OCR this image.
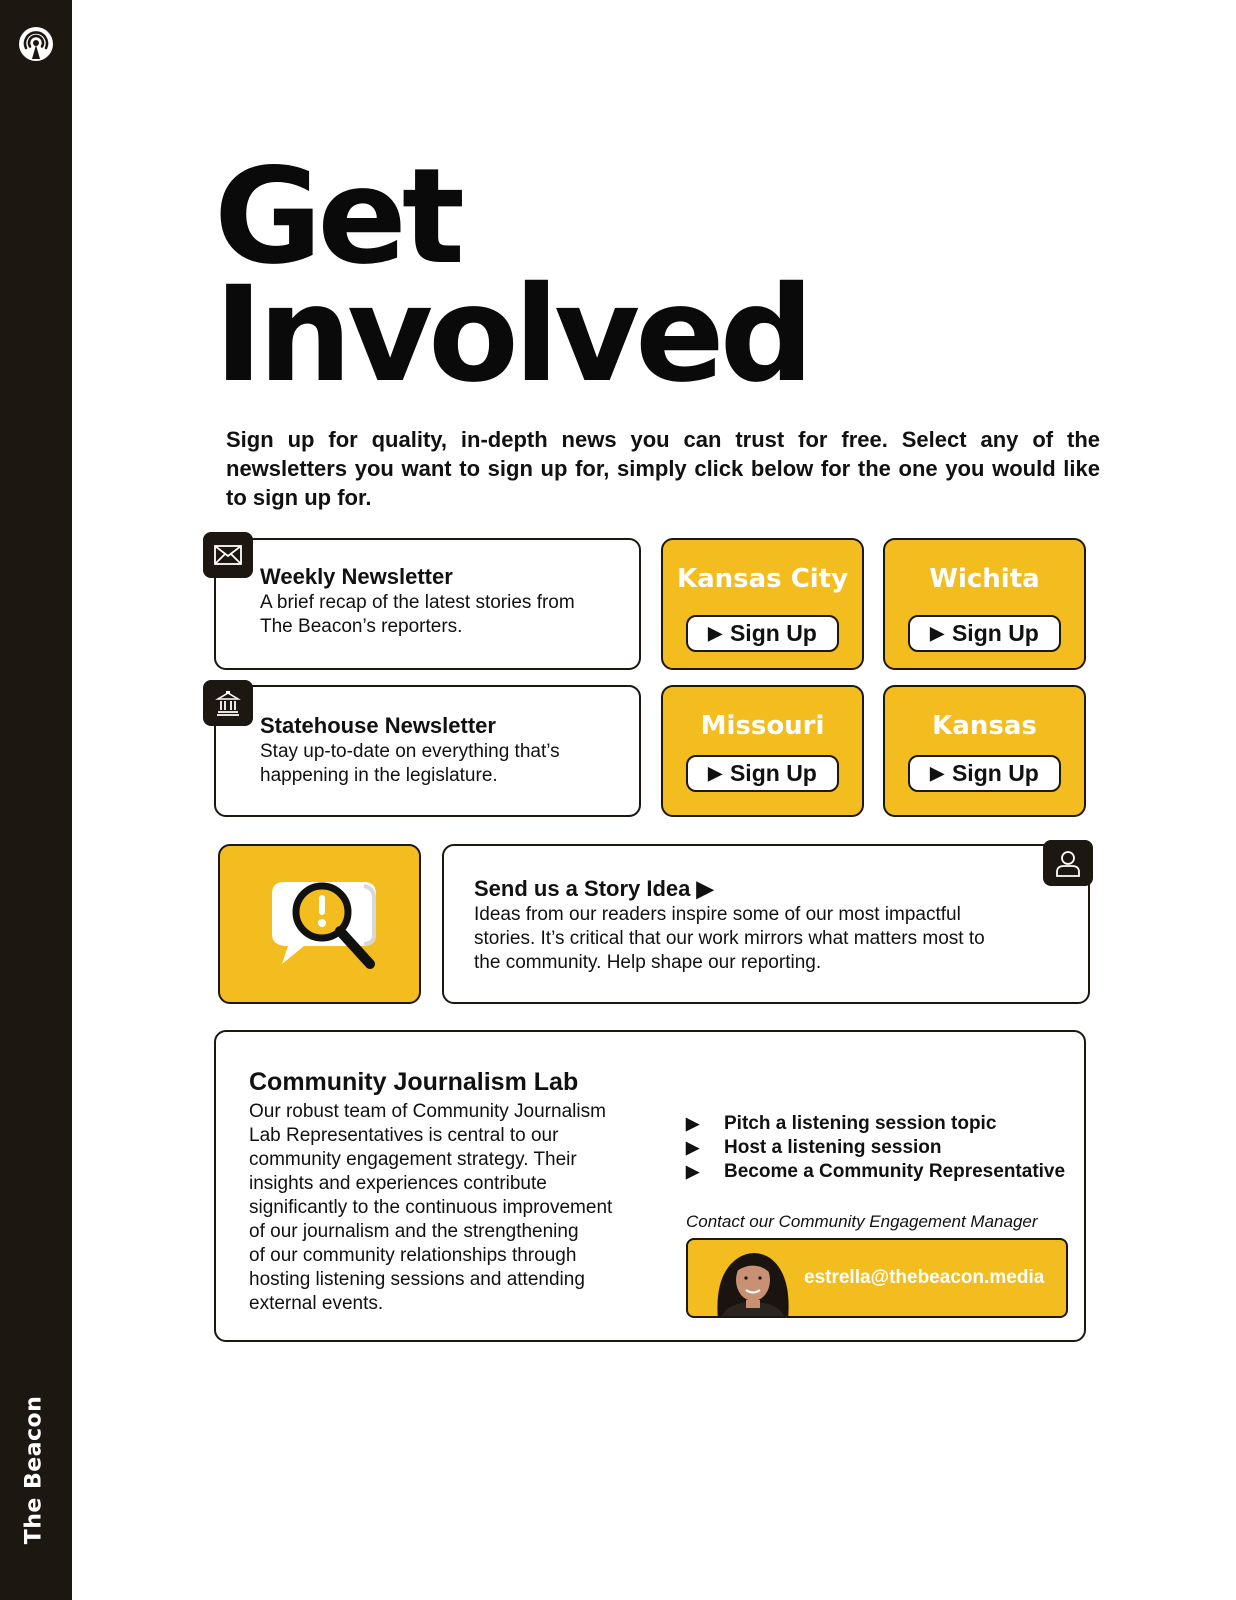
The Beacon
Get
Involved

Sign up for quality, in-depth news you can trust for free. Select any of the newsletters you want to sign up for, simply click below for the one you would like to sign up for.

Weekly Newsletter

A brief recap of the latest stories from
The Beacon’s reporters.

Statehouse Newsletter

Stay up-to-date on everything that’s
happening in the legislature.

Kansas City
▶ Sign Up
Wichita
▶ Sign Up
Missouri
▶ Sign Up
Kansas
▶ Sign Up

Send us a Story Idea ▶

Ideas from our readers inspire some of our most impactful
stories. It’s critical that our work mirrors what matters most to
the community. Help shape our reporting.

Community Journalism Lab

Our robust team of Community Journalism
Lab Representatives is central to our
community engagement strategy. Their
insights and experiences contribute
significantly to the continuous improvement
of our journalism and the strengthening
of our community relationships through
hosting listening sessions and attending
external events.

▶	Pitch a listening session topic
▶	Host a listening session
▶	Become a Community Representative

Contact our Community Engagement Manager

estrella@thebeacon.media
